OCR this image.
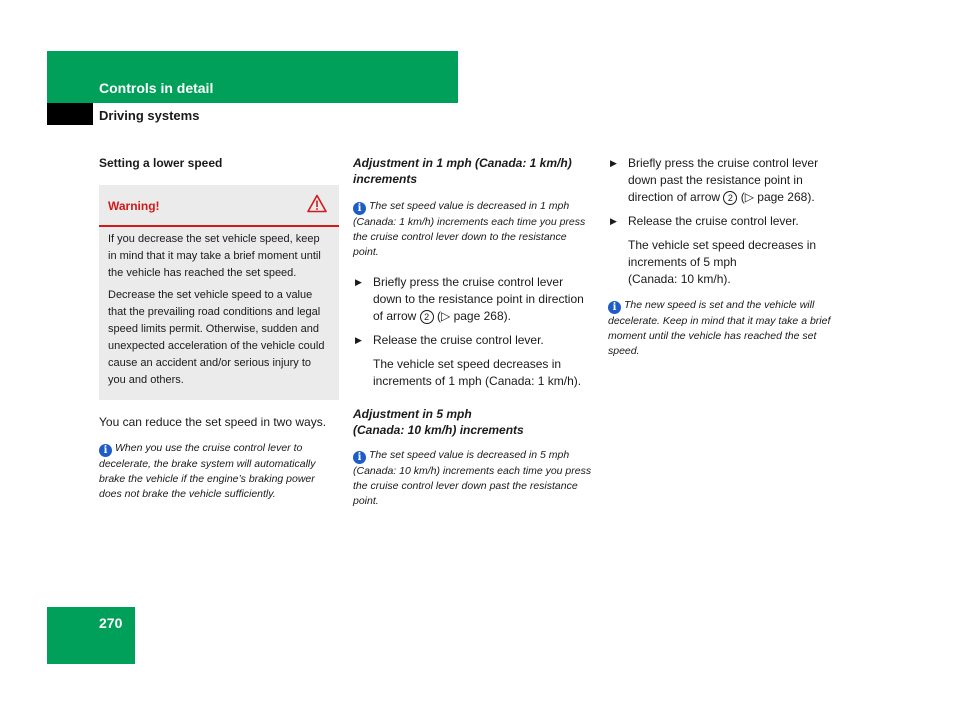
Controls in detail
Driving systems
Setting a lower speed
Warning!

If you decrease the set vehicle speed, keep in mind that it may take a brief moment until the vehicle has reached the set speed.

Decrease the set vehicle speed to a value that the prevailing road conditions and legal speed limits permit. Otherwise, sudden and unexpected acceleration of the vehicle could cause an accident and/or serious injury to you and others.

You can reduce the set speed in two ways.

i When you use the cruise control lever to decelerate, the brake system will automatically brake the vehicle if the engine’s braking power does not brake the vehicle sufficiently.
Adjustment in 1 mph (Canada: 1 km/h) increments
i The set speed value is decreased in 1 mph (Canada: 1 km/h) increments each time you press the cruise control lever down to the resistance point.
▶ Briefly press the cruise control lever down to the resistance point in direction of arrow 2 (▷ page 268).
▶ Release the cruise control lever.
The vehicle set speed decreases in increments of 1 mph (Canada: 1 km/h).
Adjustment in 5 mph
(Canada: 10 km/h) increments
i The set speed value is decreased in 5 mph (Canada: 10 km/h) increments each time you press the cruise control lever down past the resistance point.
▶ Briefly press the cruise control lever down past the resistance point in direction of arrow 2 (▷ page 268).
▶ Release the cruise control lever.
The vehicle set speed decreases in increments of 5 mph
(Canada: 10 km/h).
i The new speed is set and the vehicle will decelerate. Keep in mind that it may take a brief moment until the vehicle has reached the set speed.
270
